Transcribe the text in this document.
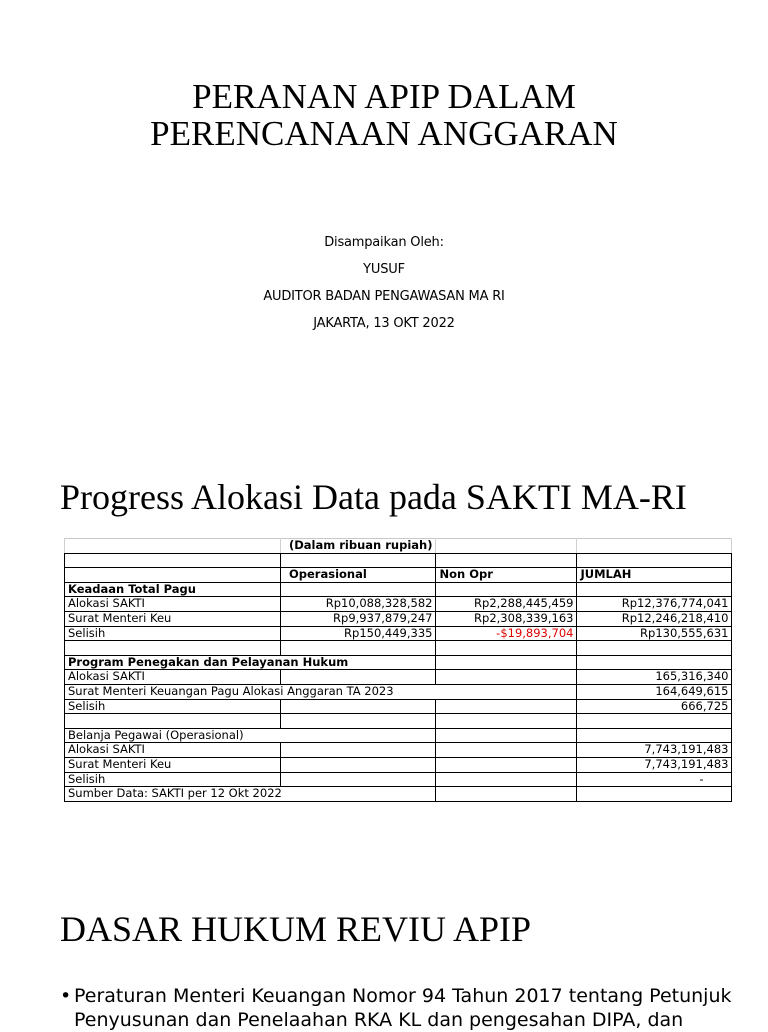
PERANAN APIP DALAM
PERENCANAAN ANGGARAN
Disampaikan Oleh:
YUSUF
AUDITOR BADAN PENGAWASAN MA RI
JAKARTA, 13 OKT 2022
Progress Alokasi Data pada SAKTI MA-RI
	(Dalam ribuan rupiah)		

	Operasional	Non Opr	JUMLAH
Keadaan Total Pagu			
Alokasi SAKTI	Rp10,088,328,582	Rp2,288,445,459	Rp12,376,774,041
Surat Menteri Keu	Rp9,937,879,247	Rp2,308,339,163	Rp12,246,218,410
Selisih	Rp150,449,335	-$19,893,704	Rp130,555,631

Program Penegakan dan Pelayanan Hukum			
Alokasi SAKTI			165,316,340
Surat Menteri Keuangan Pagu Alokasi Anggaran TA 2023			164,649,615
Selisih			666,725

Belanja Pegawai (Operasional)			
Alokasi SAKTI			7,743,191,483
Surat Menteri Keu			7,743,191,483
Selisih			-
Sumber Data: SAKTI per 12 Okt 2022			
DASAR HUKUM REVIU APIP
• Peraturan Menteri Keuangan Nomor 94 Tahun 2017 tentang Petunjuk
Penyusunan dan Penelaahan RKA KL dan pengesahan DIPA, dan
